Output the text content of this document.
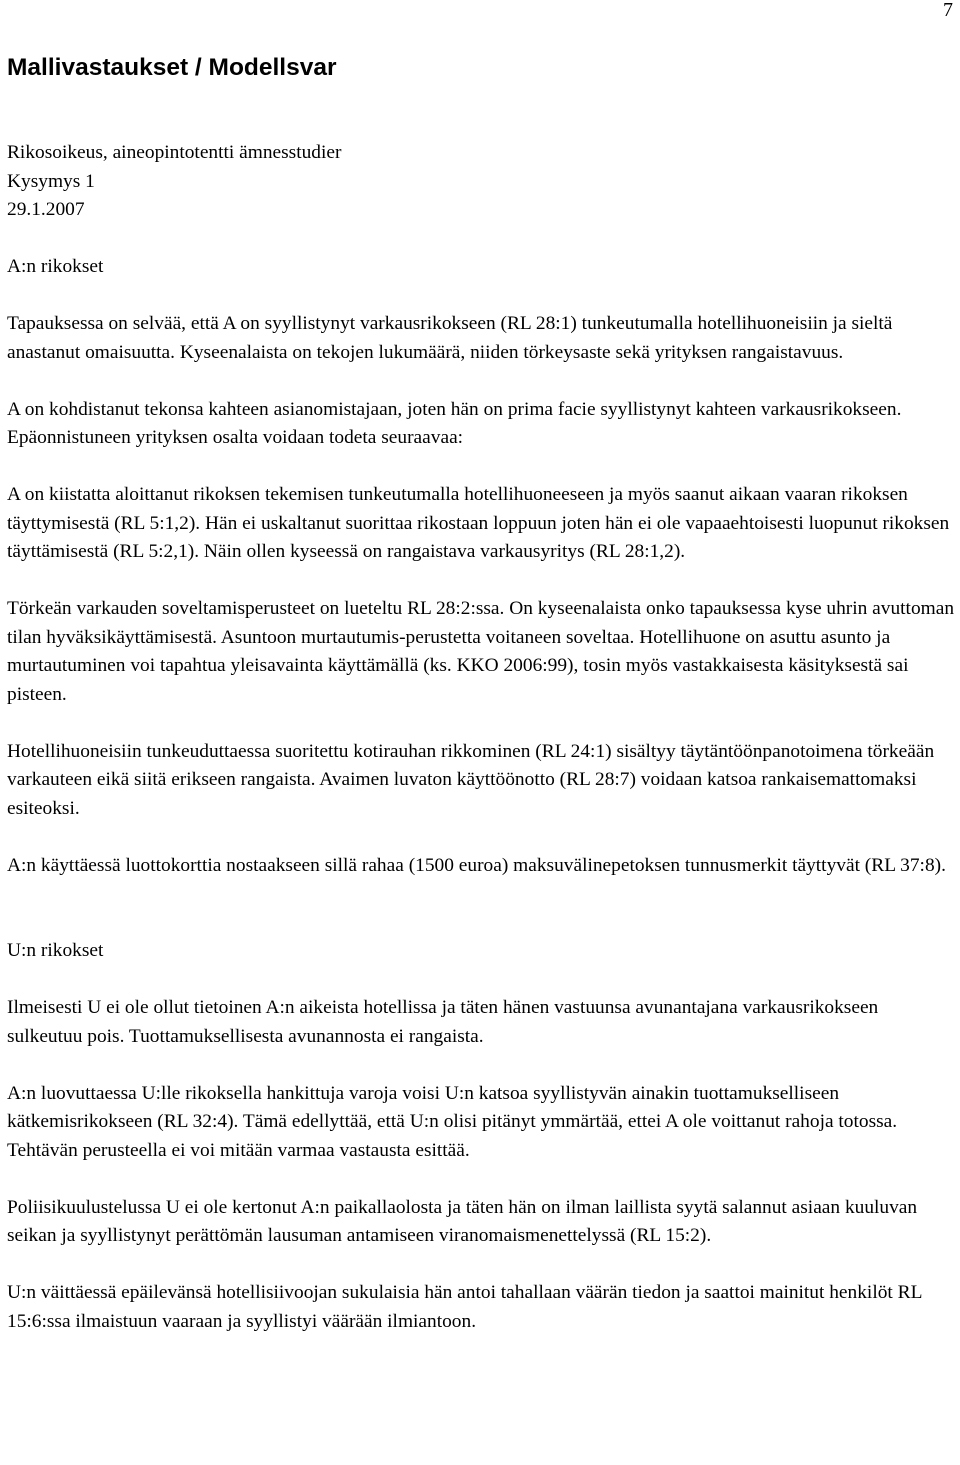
7
Mallivastaukset / Modellsvar

Rikosoikeus, aineopintotentti ämnesstudier

Kysymys 1

29.1.2007

A:n rikokset

Tapauksessa on selvää, että A on syyllistynyt varkausrikokseen (RL 28:1) tunkeutumalla hotellihuoneisiin ja sieltä anastanut omaisuutta. Kyseenalaista on tekojen lukumäärä, niiden törkeysaste sekä yrityksen rangaistavuus.

A on kohdistanut tekonsa kahteen asianomistajaan, joten hän on prima facie syyllistynyt kahteen varkausrikokseen. Epäonnistuneen yrityksen osalta voidaan todeta seuraavaa:

A on kiistatta aloittanut rikoksen tekemisen tunkeutumalla hotellihuoneeseen ja myös saanut aikaan vaaran rikoksen täyttymisestä (RL 5:1,2). Hän ei uskaltanut suorittaa rikostaan loppuun joten hän ei ole vapaaehtoisesti luopunut rikoksen täyttämisestä (RL 5:2,1). Näin ollen kyseessä on rangaistava varkausyritys (RL 28:1,2).

Törkeän varkauden soveltamisperusteet on lueteltu RL 28:2:ssa. On kyseenalaista onko tapauksessa kyse uhrin avuttoman tilan hyväksikäyttämisestä. Asuntoon murtautumis-perustetta voitaneen soveltaa. Hotellihuone on asuttu asunto ja murtautuminen voi tapahtua yleisavainta käyttämällä (ks. KKO 2006:99), tosin myös vastakkaisesta käsityksestä sai pisteen.

Hotellihuoneisiin tunkeuduttaessa suoritettu kotirauhan rikkominen (RL 24:1) sisältyy täytäntöönpanotoimena törkeään varkauteen eikä siitä erikseen rangaista. Avaimen luvaton käyttöönotto (RL 28:7) voidaan katsoa rankaisemattomaksi esiteoksi.

A:n käyttäessä luottokorttia nostaakseen sillä rahaa (1500 euroa) maksuvälinepetoksen tunnusmerkit täyttyvät (RL 37:8).

U:n rikokset

Ilmeisesti U ei ole ollut tietoinen A:n aikeista hotellissa ja täten hänen vastuunsa avunantajana varkausrikokseen sulkeutuu pois. Tuottamuksellisesta avunannosta ei rangaista.

A:n luovuttaessa U:lle rikoksella hankittuja varoja voisi U:n katsoa syyllistyvän ainakin tuottamukselliseen kätkemisrikokseen (RL 32:4). Tämä edellyttää, että U:n olisi pitänyt ymmärtää, ettei A ole voittanut rahoja totossa. Tehtävän perusteella ei voi mitään varmaa vastausta esittää.

Poliisikuulustelussa U ei ole kertonut A:n paikallaolosta ja täten hän on ilman laillista syytä salannut asiaan kuuluvan seikan ja syyllistynyt perättömän lausuman antamiseen viranomaismenettelyssä (RL 15:2).

U:n väittäessä epäilevänsä hotellisiivoojan sukulaisia hän antoi tahallaan väärän tiedon ja saattoi mainitut henkilöt RL 15:6:ssa ilmaistuun vaaraan ja syyllistyi väärään ilmiantoon.
